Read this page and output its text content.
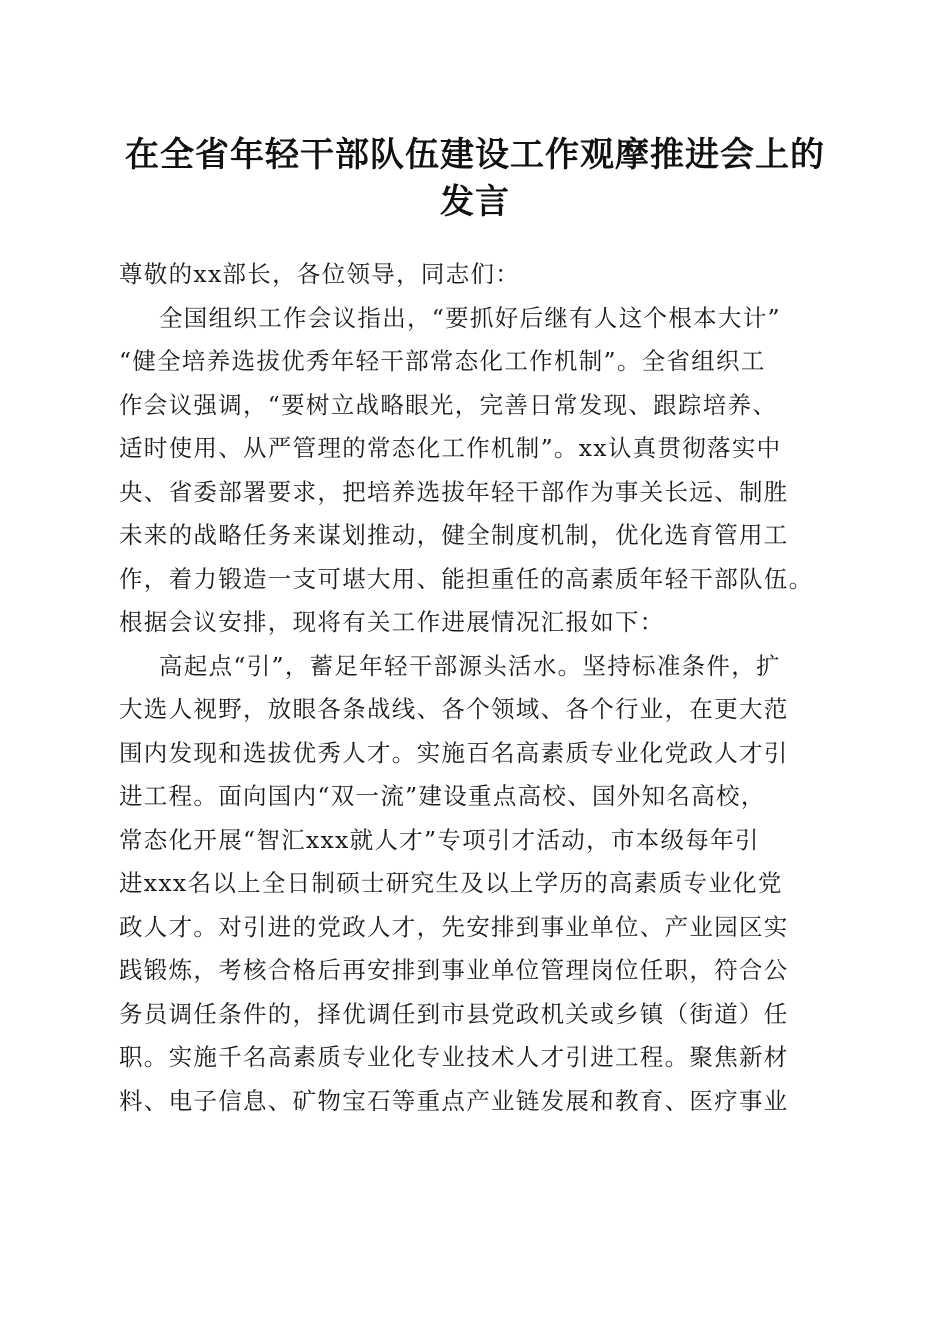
在全省年轻干部队伍建设工作观摩推进会上的
发言
尊敬的xx部长，各位领导，同志们：
全国组织工作会议指出，“要抓好后继有人这个根本大计”
“健全培养选拔优秀年轻干部常态化工作机制”。全省组织工
作会议强调，“要树立战略眼光，完善日常发现、跟踪培养、
适时使用、从严管理的常态化工作机制”。xx认真贯彻落实中
央、省委部署要求，把培养选拔年轻干部作为事关长远、制胜
未来的战略任务来谋划推动，健全制度机制，优化选育管用工
作，着力锻造一支可堪大用、能担重任的高素质年轻干部队伍。
根据会议安排，现将有关工作进展情况汇报如下：
高起点“引”，蓄足年轻干部源头活水。坚持标准条件，扩
大选人视野，放眼各条战线、各个领域、各个行业，在更大范
围内发现和选拔优秀人才。实施百名高素质专业化党政人才引
进工程。面向国内“双一流”建设重点高校、国外知名高校，
常态化开展“智汇xxx就人才”专项引才活动，市本级每年引
进xxx名以上全日制硕士研究生及以上学历的高素质专业化党
政人才。对引进的党政人才，先安排到事业单位、产业园区实
践锻炼，考核合格后再安排到事业单位管理岗位任职，符合公
务员调任条件的，择优调任到市县党政机关或乡镇（街道）任
职。实施千名高素质专业化专业技术人才引进工程。聚焦新材
料、电子信息、矿物宝石等重点产业链发展和教育、医疗事业
